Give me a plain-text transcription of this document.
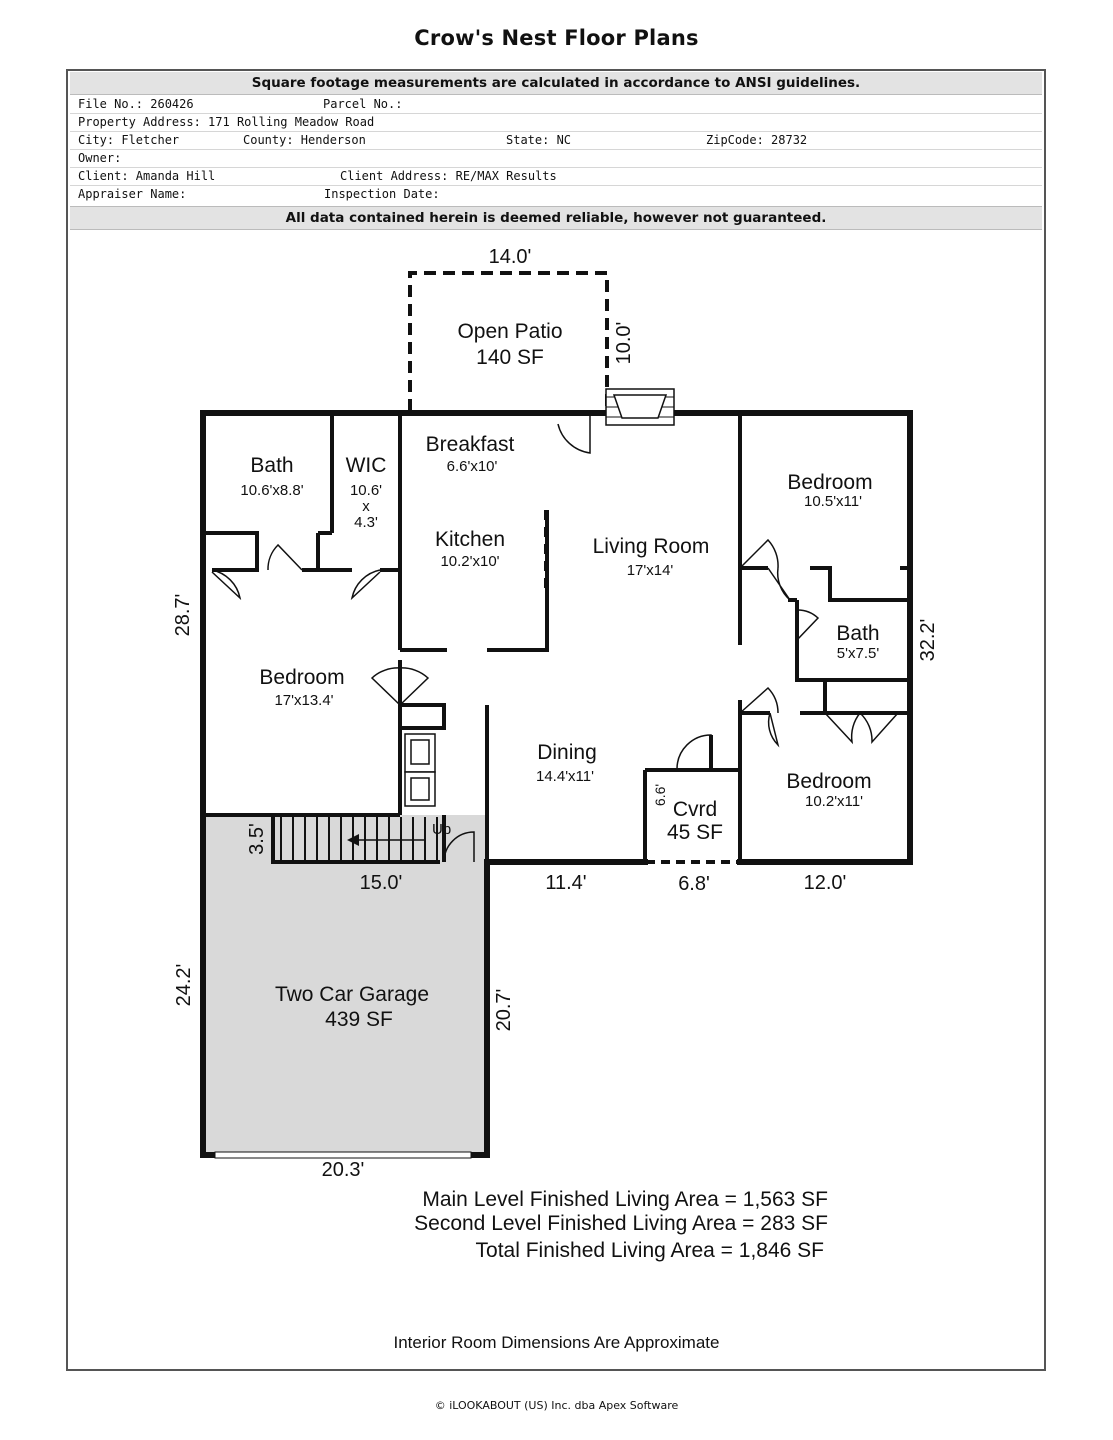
Crow's Nest Floor Plans
Square footage measurements are calculated in accordance to ANSI guidelines.
File No.: 260426	Parcel No.:
Property Address: 171 Rolling Meadow Road
City: Fletcher	County: Henderson	State: NC	ZipCode: 28732
Owner:
Client: Amanda Hill	Client Address: RE/MAX Results
Appraiser Name:	Inspection Date:
All data contained herein is deemed reliable, however not guaranteed.
Up
Open Patio
140 SF
Bath
10.6'x8.8'
WIC
10.6'
x
4.3'
Breakfast
6.6'x10'
Kitchen
10.2'x10'
Living Room
17'x14'
Bedroom
10.5'x11'
Bath
5'x7.5'
Bedroom
17'x13.4'
Dining
14.4'x11'
Cvrd
45 SF
6.6'
Bedroom
10.2'x11'
Two Car Garage
439 SF
14.0'
10.0'
28.7'
32.2'
3.5'
15.0'	11.4'	6.8'	12.0'
24.2'
20.7'
20.3'
Main Level Finished Living Area = 1,563 SF
Second Level Finished Living Area = 283 SF
Total Finished Living Area = 1,846 SF
Interior Room Dimensions Are Approximate
© iLOOKABOUT (US) Inc. dba Apex Software
